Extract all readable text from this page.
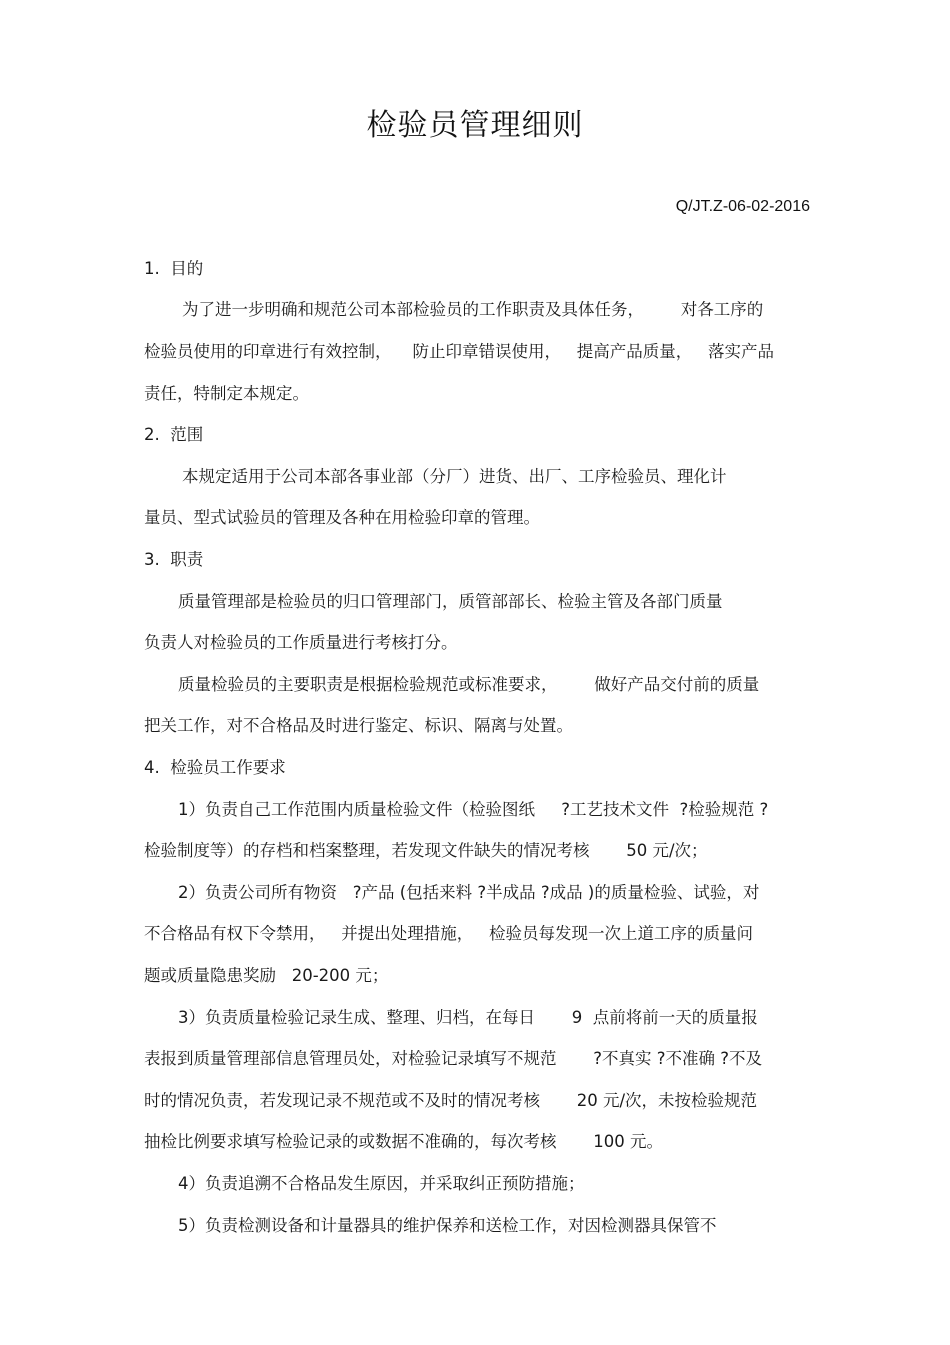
检验员管理细则
Q/JT.Z-06-02-2016
1.  目的
为了进一步明确和规范公司本部检验员的工作职责及具体任务，       对各工序的
检验员使用的印章进行有效控制，    防止印章错误使用，   提高产品质量，   落实产品
责任，特制定本规定。
2.  范围
本规定适用于公司本部各事业部（分厂）进货、出厂、工序检验员、理化计
量员、型式试验员的管理及各种在用检验印章的管理。
3.  职责
质量管理部是检验员的归口管理部门，质管部部长、检验主管及各部门质量
负责人对检验员的工作质量进行考核打分。
质量检验员的主要职责是根据检验规范或标准要求，       做好产品交付前的质量
把关工作，对不合格品及时进行鉴定、标识、隔离与处置。
4.  检验员工作要求
1）负责自己工作范围内质量检验文件（检验图纸     ?工艺技术文件  ?检验规范 ?
检验制度等）的存档和档案整理，若发现文件缺失的情况考核       50 元/次；
2）负责公司所有物资   ?产品 (包括来料 ?半成品 ?成品 )的质量检验、试验，对
不合格品有权下令禁用，   并提出处理措施，   检验员每发现一次上道工序的质量问
题或质量隐患奖励   20-200 元；
3）负责质量检验记录生成、整理、归档，在每日       9  点前将前一天的质量报
表报到质量管理部信息管理员处，对检验记录填写不规范       ?不真实 ?不准确 ?不及
时的情况负责，若发现记录不规范或不及时的情况考核       20 元/次，未按检验规范
抽检比例要求填写检验记录的或数据不准确的，每次考核       100 元。
4）负责追溯不合格品发生原因，并采取纠正预防措施；
5）负责检测设备和计量器具的维护保养和送检工作，对因检测器具保管不
